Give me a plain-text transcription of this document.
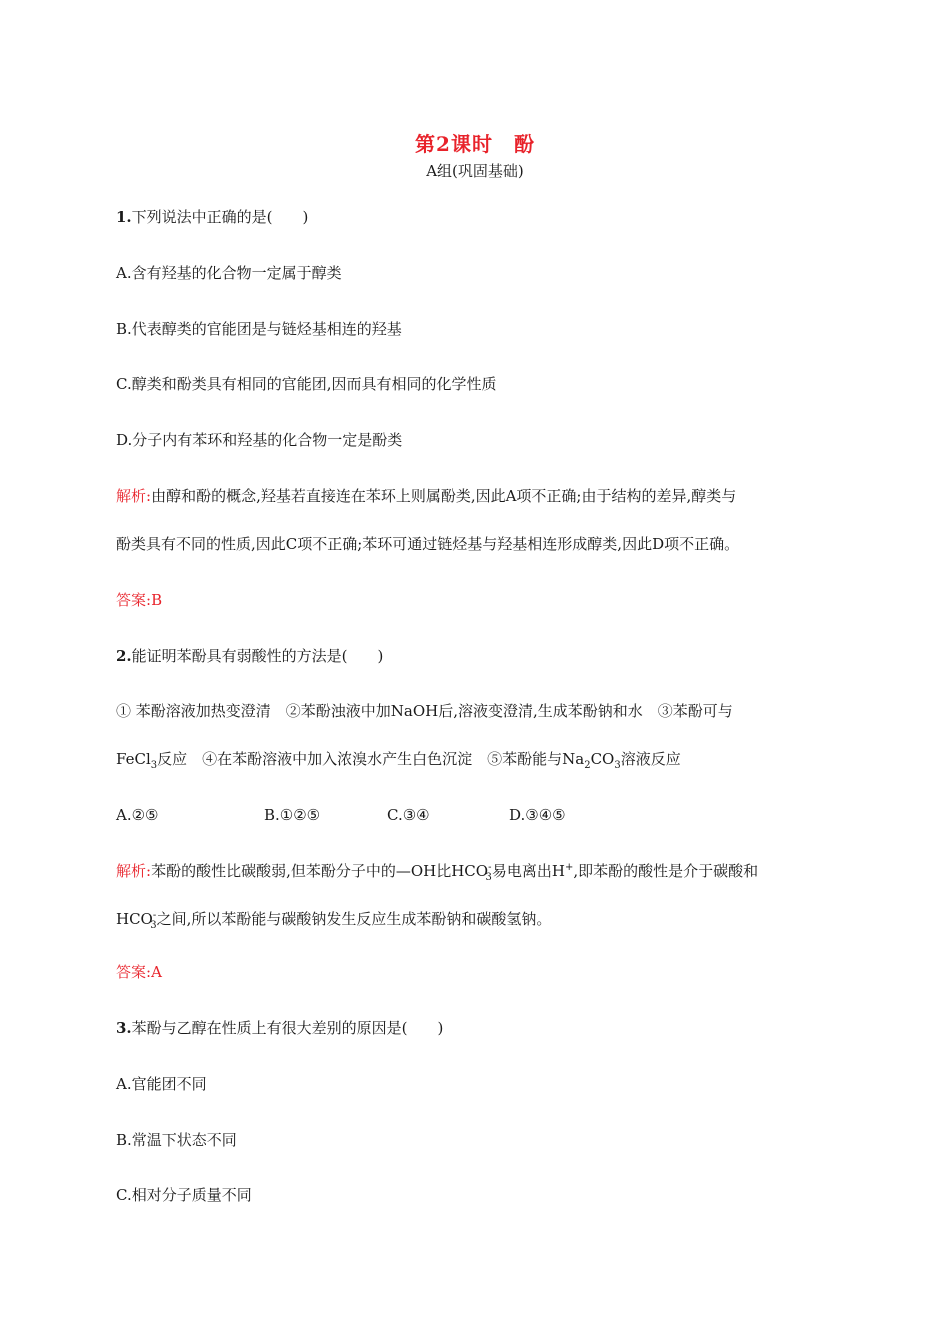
第2课时　酚
A组(巩固基础)
1.下列说法中正确的是(　　)
A.含有羟基的化合物一定属于醇类
B.代表醇类的官能团是与链烃基相连的羟基
C.醇类和酚类具有相同的官能团,因而具有相同的化学性质
D.分子内有苯环和羟基的化合物一定是酚类
解析:由醇和酚的概念,羟基若直接连在苯环上则属酚类,因此A项不正确;由于结构的差异,醇类与
酚类具有不同的性质,因此C项不正确;苯环可通过链烃基与羟基相连形成醇类,因此D项不正确。
答案:B
2.能证明苯酚具有弱酸性的方法是(　　)
① 苯酚溶液加热变澄清　②苯酚浊液中加NaOH后,溶液变澄清,生成苯酚钠和水　③苯酚可与
FeCl$_3$反应　④在苯酚溶液中加入浓溴水产生白色沉淀　⑤苯酚能与$Na_2CO_3$溶液反应
A.②⑤	B.①②⑤	C.③④	D.③④⑤
解析:苯酚的酸性比碳酸弱,但苯酚分子中的—OH比$HCO^-_3$易电离出H+,即苯酚的酸性是介于碳酸和
$HCO^-_3$之间,所以苯酚能与碳酸钠发生反应生成苯酚钠和碳酸氢钠。
答案:A
3.苯酚与乙醇在性质上有很大差别的原因是(　　)
A.官能团不同
B.常温下状态不同
C.相对分子质量不同
